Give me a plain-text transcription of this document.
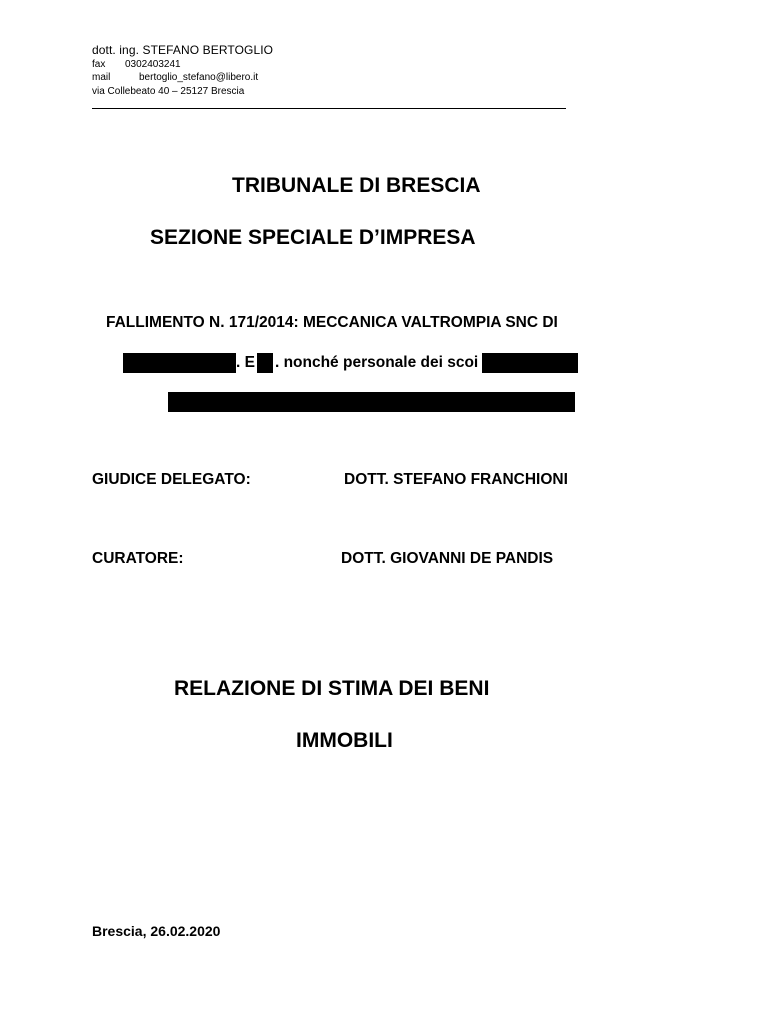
dott. ing. STEFANO BERTOGLIO
fax 0302403241
mail	bertoglio_stefano@libero.it
via Collebeato 40 – 25127 Brescia
TRIBUNALE DI BRESCIA
SEZIONE SPECIALE D’IMPRESA
FALLIMENTO N. 171/2014: MECCANICA VALTROMPIA SNC DI
. E . nonché personale dei scoi
GIUDICE DELEGATO:	DOTT. STEFANO FRANCHIONI
CURATORE:	DOTT. GIOVANNI DE PANDIS
RELAZIONE DI STIMA DEI BENI
IMMOBILI
Brescia, 26.02.2020
